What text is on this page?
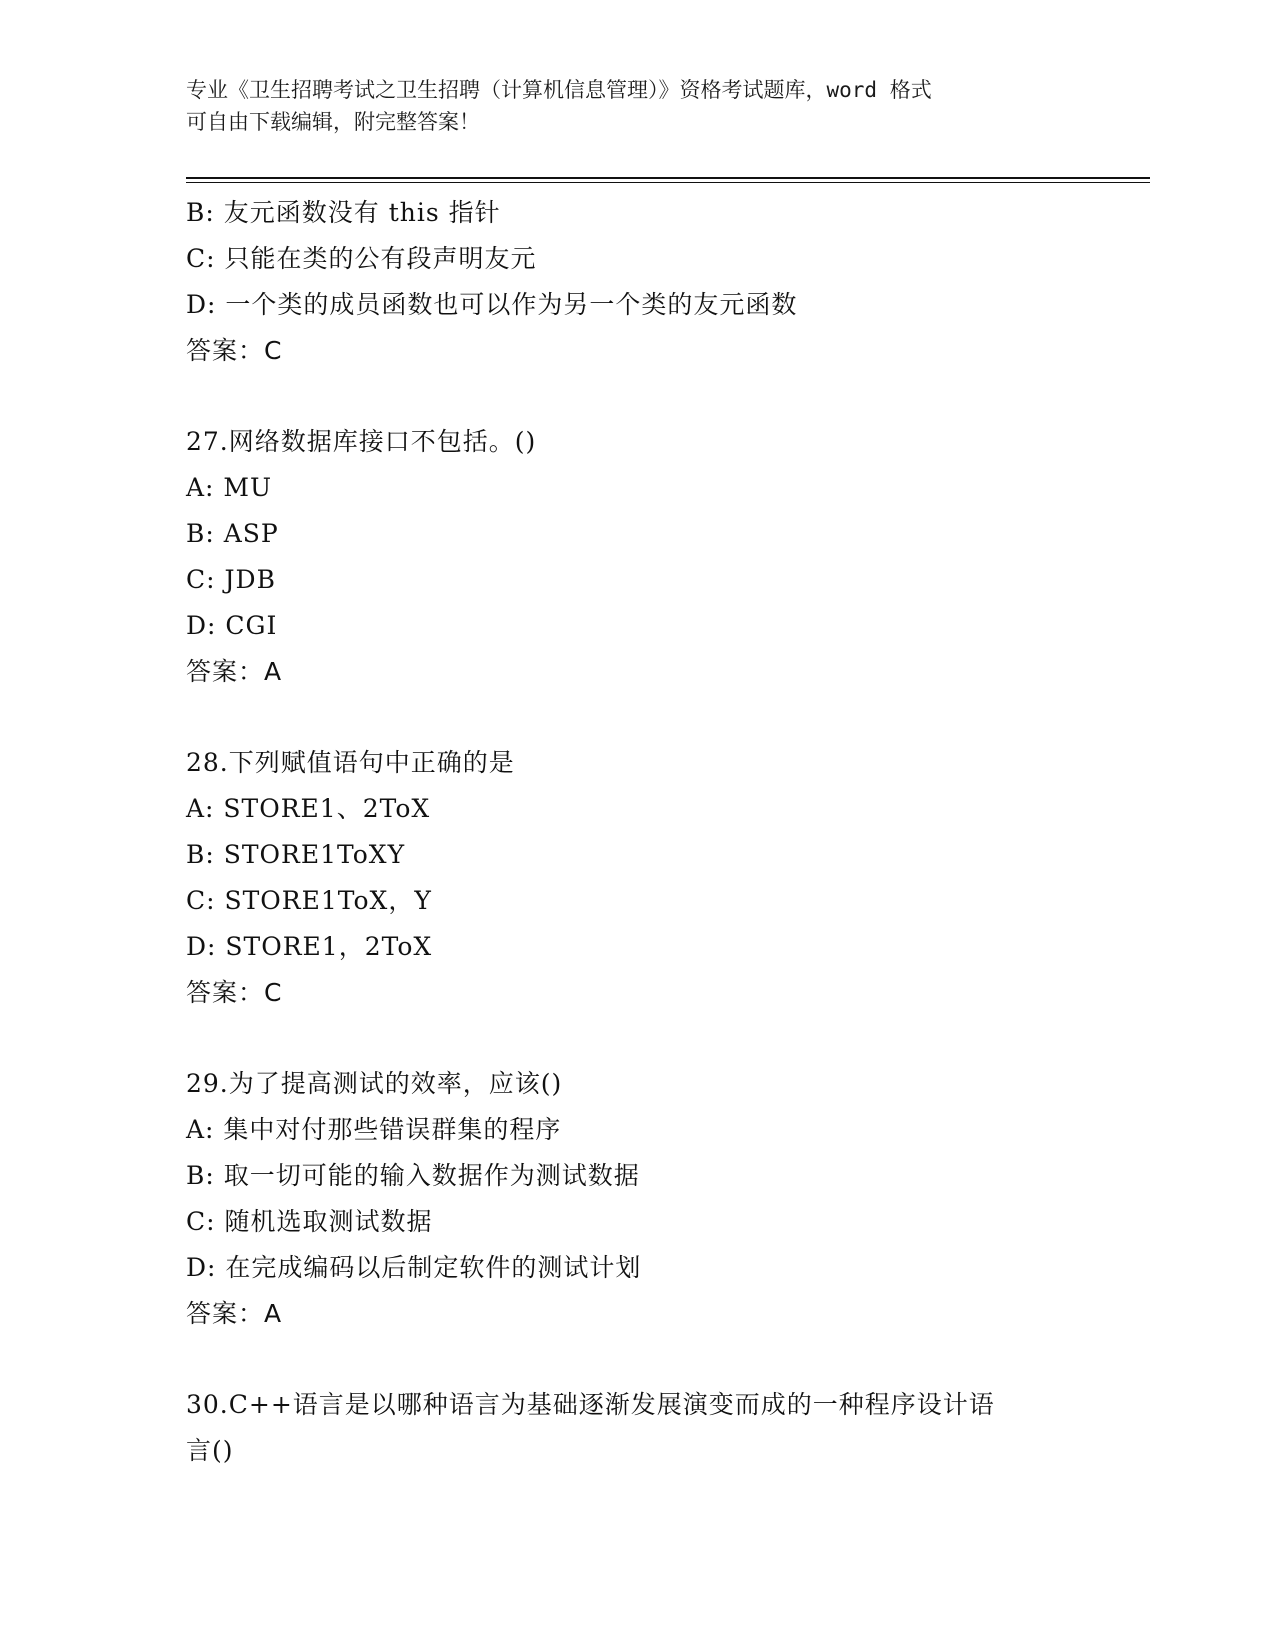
专业《卫生招聘考试之卫生招聘（计算机信息管理）》资格考试题库，word 格式
可自由下载编辑，附完整答案！
B: 友元函数没有 this 指针
C: 只能在类的公有段声明友元
D: 一个类的成员函数也可以作为另一个类的友元函数
答案：C
27.网络数据库接口不包括。()
A: MU
B: ASP
C: JDB
D: CGI
答案：A
28.下列赋值语句中正确的是
A: STORE1、2ToX
B: STORE1ToXY
C: STORE1ToX，Y
D: STORE1，2ToX
答案：C
29.为了提高测试的效率，应该()
A: 集中对付那些错误群集的程序
B: 取一切可能的输入数据作为测试数据
C: 随机选取测试数据
D: 在完成编码以后制定软件的测试计划
答案：A
30.C++语言是以哪种语言为基础逐渐发展演变而成的一种程序设计语
言()
